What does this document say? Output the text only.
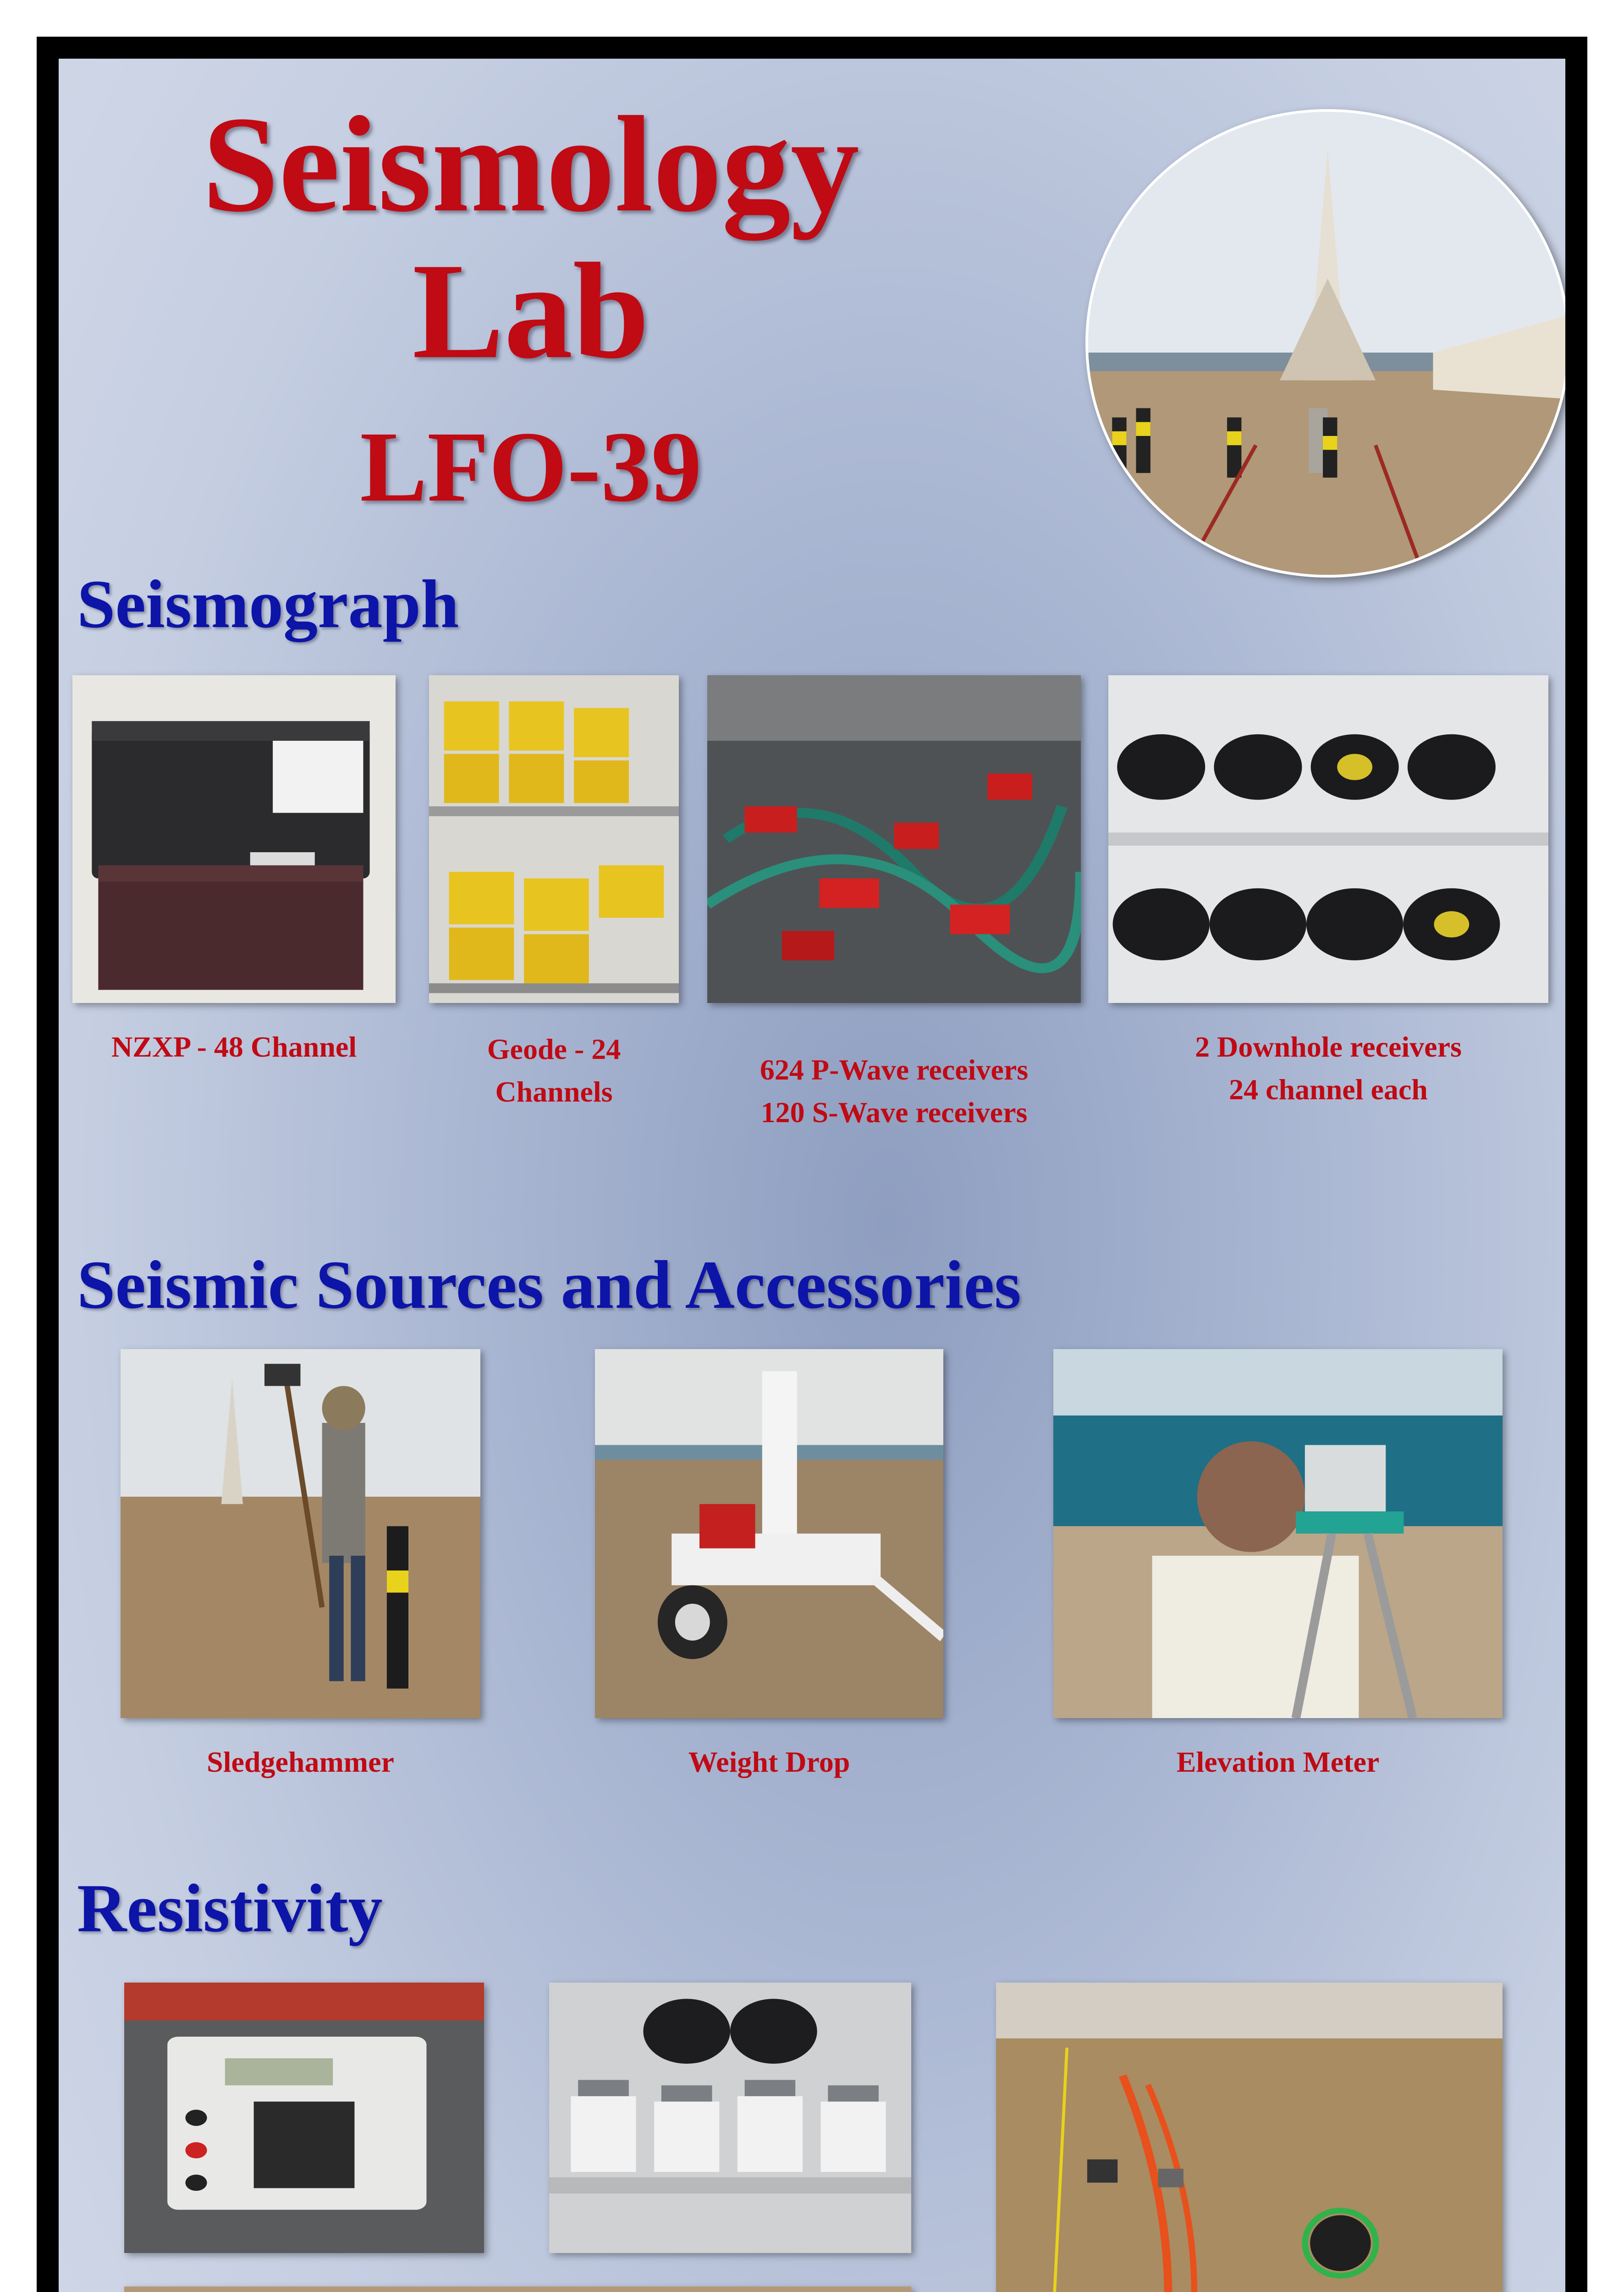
Seismology
Lab
LFO-39
Seismograph

NZXP - 48 Channel	Geode - 24
Channels
624 P-Wave receivers
120 S-Wave receivers
2 Downhole receivers
24 channel each
Seismic Sources and Accessories

Sledgehammer	Weight Drop	Elevation Meter

Resistivity
